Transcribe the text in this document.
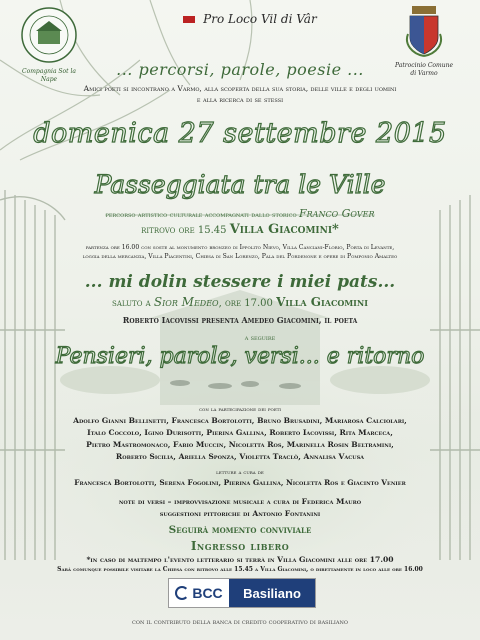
Compagnia Sot la Nape
Pro Loco Vil di Vâr
Patrocinio Comune di Varmo
... percorsi, parole, poesie ...
Amici poeti si incontrano a Varmo, alla scoperta della sua storia, delle ville e degli uomini
e alla ricerca di se stessi
domenica 27 settembre 2015
Passeggiata tra le Ville
percorso artistico culturale accompagnati dallo storico Franco Gover
ritrovo ore 15.45 Villa Giacomini*
partenza ore 16.00 con soste al monumento bronzeo di Ippolito Nievo, Villa Canciani-Florio, Porta di Levante,
loggia della mercanzia, Villa Piacentini, Chiesa di San Lorenzo, Pala del Pordenone e opere di Pomponio Amalteo
... mi dolin stessere i miei pats...
saluto a Sior Medeo, ore 17.00 Villa Giacomini
Roberto Iacovissi presenta Amedeo Giacomini, il poeta
a seguire
Pensieri, parole, versi... e ritorno
con la partecipazione dei poeti
Adolfo Gianni Bellinetti, Francesca Bortolotti, Bruno Brusadini, Mariarosa Calciolari,
Italo Coccolo, Igino Durisotti, Pierina Gallina, Roberto Iacovissi, Rita Marceca,
Pietro Mastromonaco, Fabio Muccin, Nicoletta Ros, Marinella Rosin Beltramini,
Roberto Sicilia, Ariella Sponza, Violetta Traclò, Annalisa Vacusa
letture a cura de
Francesca Bortolotti, Serena Fogolini, Pierina Gallina, Nicoletta Ros e Giacinto Venier
note di versi – improvvisazione musicale a cura di Federica Mauro
suggestioni pittoriche di Antonio Fontanini
Seguirà momento conviviale
Ingresso libero
*in caso di maltempo l'evento letterario si terrà in Villa Giacomini alle ore 17.00
Sarà comunque possibile visitare la Chiesa con ritrovo alle 15.45 a Villa Giacomini, o direttamente in loco alle ore 16.00
BCC	Basiliano
con il contributo della banca di credito cooperativo di basiliano
